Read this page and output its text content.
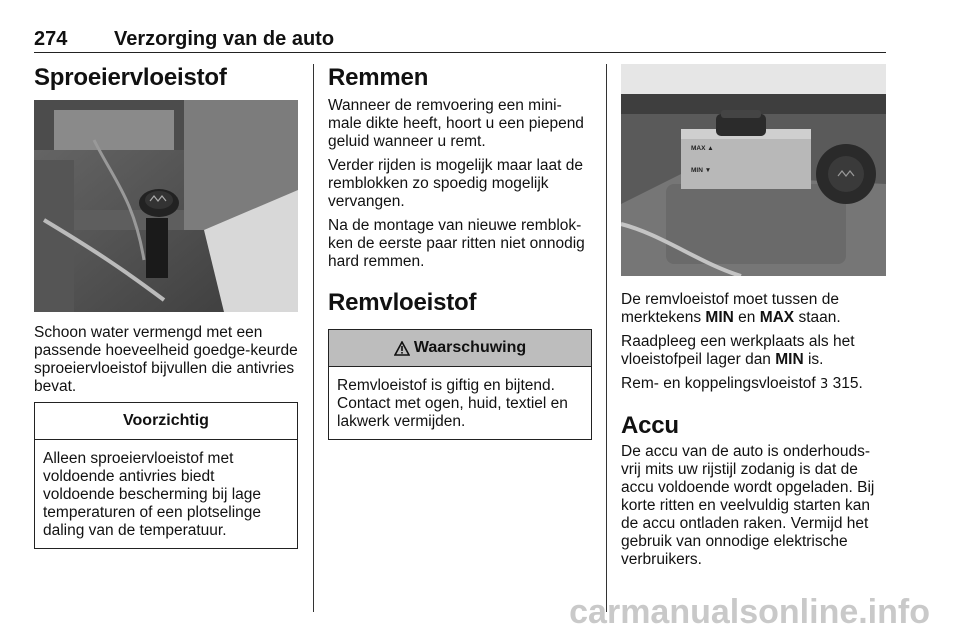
274 Verzorging van de auto
Sproeiervloeistof

Schoon water vermengd met een passende hoeveelheid goedge-keurde sproeiervloeistof bijvullen die antivries bevat.

Voorzichtig
Alleen sproeiervloeistof met voldoende antivries biedt voldoende bescherming bij lage temperaturen of een plotselinge daling van de temperatuur.
Remmen

Wanneer de remvoering een mini-male dikte heeft, hoort u een piepend geluid wanneer u remt.

Verder rijden is mogelijk maar laat de remblokken zo spoedig mogelijk vervangen.

Na de montage van nieuwe remblok-ken de eerste paar ritten niet onnodig hard remmen.

Remvloeistof
Waarschuwing
Remvloeistof is giftig en bijtend. Contact met ogen, huid, textiel en lakwerk vermijden.
MAX ▲
MIN ▼

De remvloeistof moet tussen de merktekens MIN en MAX staan.

Raadpleeg een werkplaats als het vloeistofpeil lager dan MIN is.

Rem- en koppelingsvloeistof 3 315.

Accu

De accu van de auto is onderhouds-vrij mits uw rijstijl zodanig is dat de accu voldoende wordt opgeladen. Bij korte ritten en veelvuldig starten kan de accu ontladen raken. Vermijd het gebruik van onnodige elektrische verbruikers.

carmanualsonline.info
